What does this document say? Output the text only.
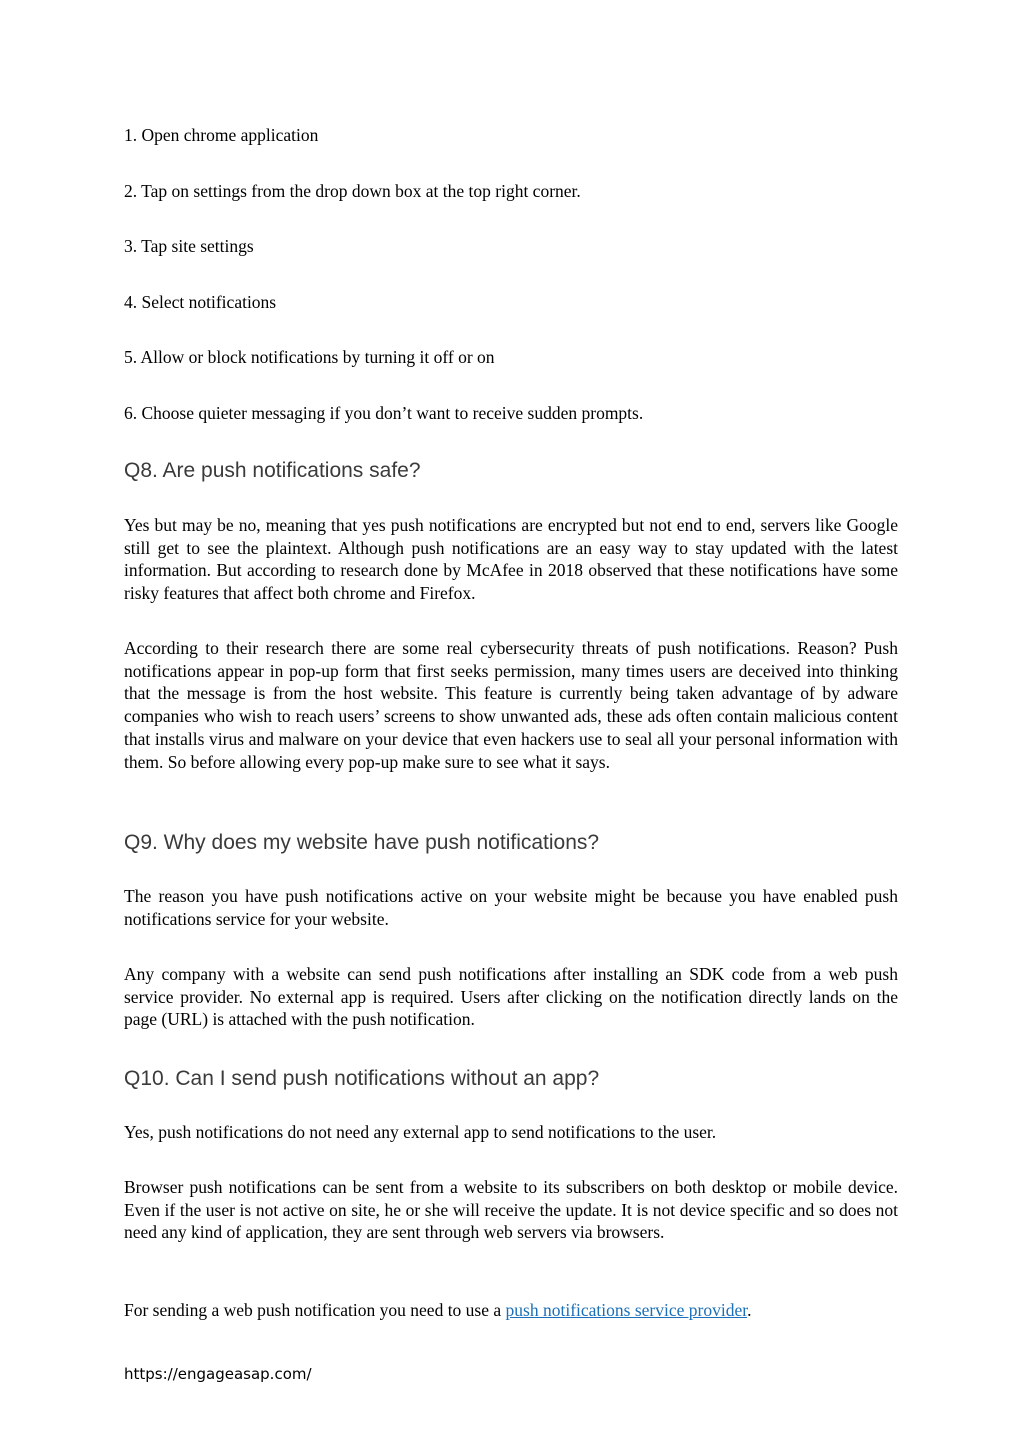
1. Open chrome application

2. Tap on settings from the drop down box at the top right corner.

3. Tap site settings

4. Select notifications

5. Allow or block notifications by turning it off or on

6. Choose quieter messaging if you don’t want to receive sudden prompts.

Q8. Are push notifications safe?

Yes but may be no, meaning that yes push notifications are encrypted but not end to end, servers like Google still get to see the plaintext. Although push notifications are an easy way to stay updated with the latest information. But according to research done by McAfee in 2018 observed that these notifications have some risky features that affect both chrome and Firefox.

According to their research there are some real cybersecurity threats of push notifications. Reason? Push notifications appear in pop-up form that first seeks permission, many times users are deceived into thinking that the message is from the host website. This feature is currently being taken advantage of by adware companies who wish to reach users’ screens to show unwanted ads, these ads often contain malicious content that installs virus and malware on your device that even hackers use to seal all your personal information with them. So before allowing every pop-up make sure to see what it says.

Q9. Why does my website have push notifications?

The reason you have push notifications active on your website might be because you have enabled push notifications service for your website.

Any company with a website can send push notifications after installing an SDK code from a web push service provider. No external app is required. Users after clicking on the notification directly lands on the page (URL) is attached with the push notification.

Q10. Can I send push notifications without an app?

Yes, push notifications do not need any external app to send notifications to the user.

Browser push notifications can be sent from a website to its subscribers on both desktop or mobile device. Even if the user is not active on site, he or she will receive the update. It is not device specific and so does not need any kind of application, they are sent through web servers via browsers.

For sending a web push notification you need to use a push notifications service provider.

https://engageasap.com/
